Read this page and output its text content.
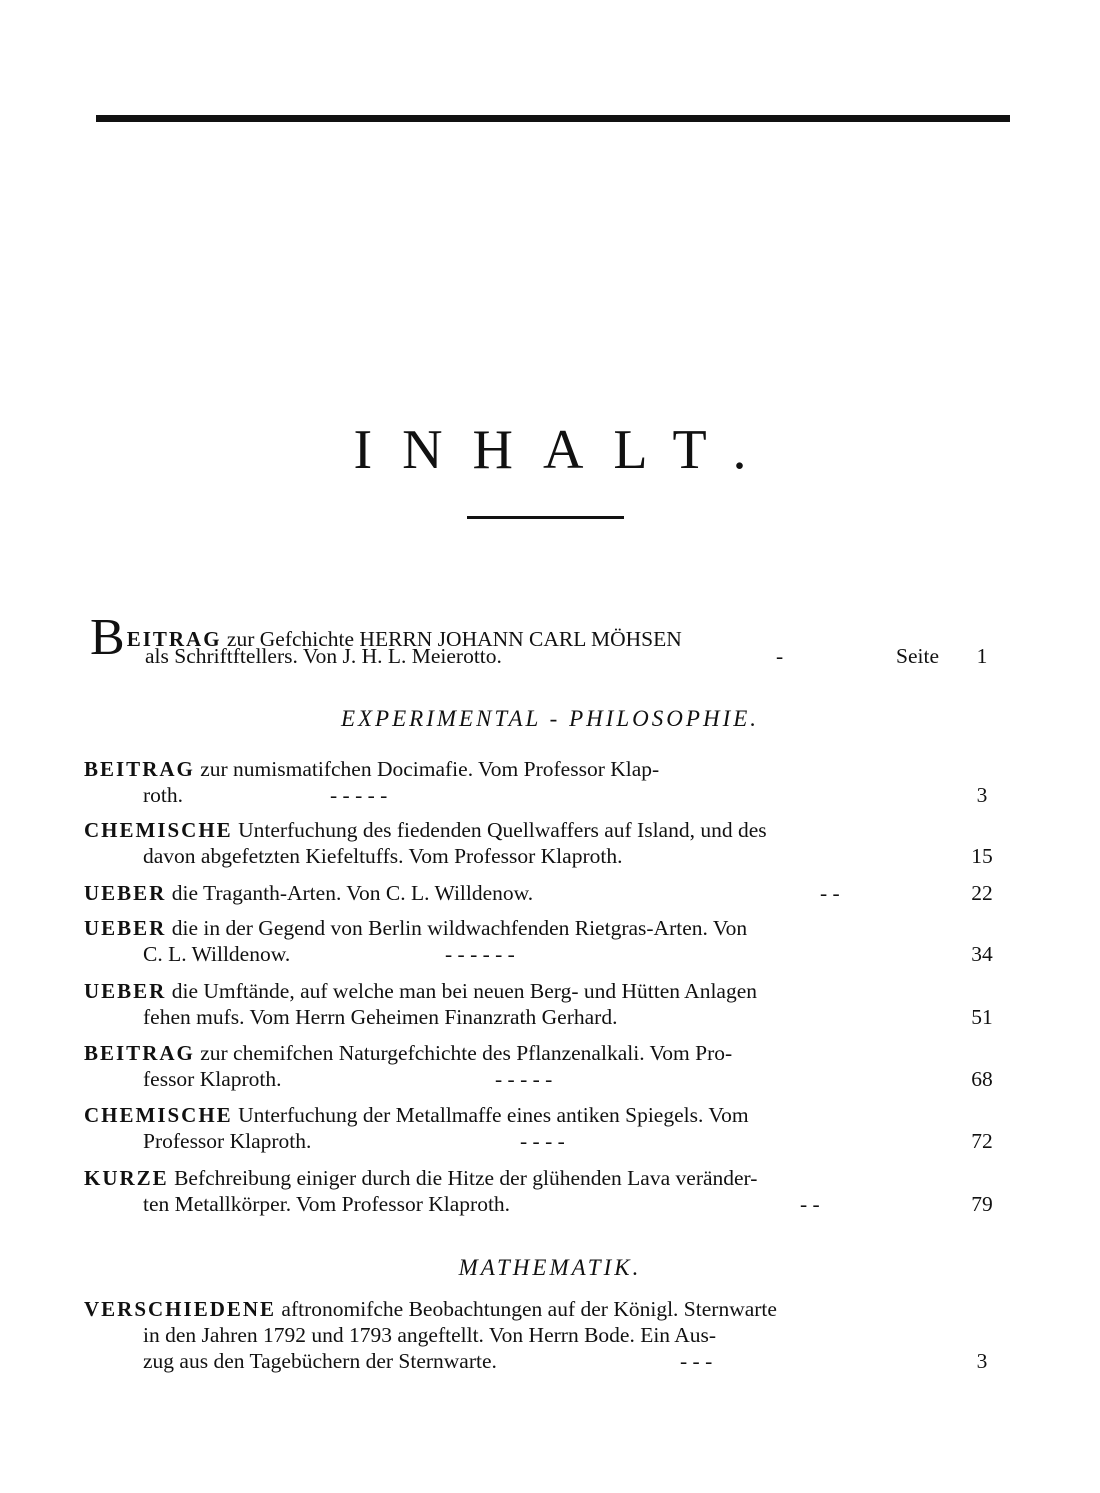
INHALT.
BEITRAG zur Gefchichte HERRN JOHANN CARL MÖHSEN
als Schriftftellers. Von J. H. L. Meierotto.	-	Seite	1
EXPERIMENTAL - PHILOSOPHIE.
BEITRAG zur numismatifchen Docimafie. Vom Professor Klap-
roth.	- - - - -	3
CHEMISCHE Unterfuchung des fiedenden Quellwaffers auf Island, und des
davon abgefetzten Kiefeltuffs. Vom Professor Klaproth.	15
UEBER die Traganth-Arten. Von C. L. Willdenow.	- -	22
UEBER die in der Gegend von Berlin wildwachfenden Rietgras-Arten. Von
C. L. Willdenow.	- - - - - -	34
UEBER die Umftände, auf welche man bei neuen Berg- und Hütten Anlagen
fehen mufs. Vom Herrn Geheimen Finanzrath Gerhard.	51
BEITRAG zur chemifchen Naturgefchichte des Pflanzenalkali. Vom Pro-
fessor Klaproth.	- - - - -	68
CHEMISCHE Unterfuchung der Metallmaffe eines antiken Spiegels. Vom
Professor Klaproth.	- - - -	72
KURZE Befchreibung einiger durch die Hitze der glühenden Lava veränder-
ten Metallkörper. Vom Professor Klaproth.	- -	79
MATHEMATIK.
VERSCHIEDENE aftronomifche Beobachtungen auf der Königl. Sternwarte
in den Jahren 1792 und 1793 angeftellt. Von Herrn Bode. Ein Aus-
zug aus den Tagebüchern der Sternwarte.	- - -	3
